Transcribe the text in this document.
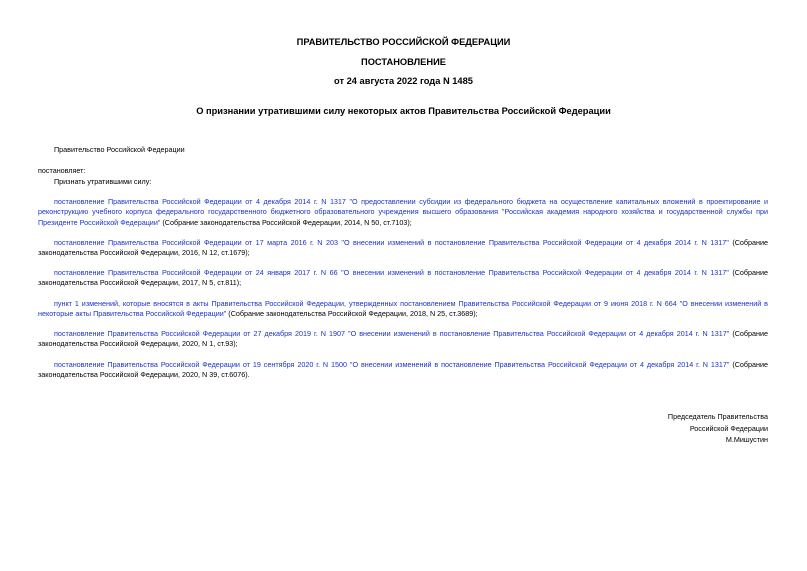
ПРАВИТЕЛЬСТВО РОССИЙСКОЙ ФЕДЕРАЦИИ
ПОСТАНОВЛЕНИЕ
от 24 августа 2022 года N 1485
О признании утратившими силу некоторых актов Правительства Российской Федерации
Правительство Российской Федерации
постановляет:
Признать утратившими силу:
постановление Правительства Российской Федерации от 4 декабря 2014 г. N 1317 "О предоставлении субсидии из федерального бюджета на осуществление капитальных вложений в проектирование и реконструкцию учебного корпуса федерального государственного бюджетного образовательного учреждения высшего образования "Российская академия народного хозяйства и государственной службы при Президенте Российской Федерации" (Собрание законодательства Российской Федерации, 2014, N 50, ст.7103);
постановление Правительства Российской Федерации от 17 марта 2016 г. N 203 "О внесении изменений в постановление Правительства Российской Федерации от 4 декабря 2014 г. N 1317" (Собрание законодательства Российской Федерации, 2016, N 12, ст.1679);
постановление Правительства Российской Федерации от 24 января 2017 г. N 66 "О внесении изменений в постановление Правительства Российской Федерации от 4 декабря 2014 г. N 1317" (Собрание законодательства Российской Федерации, 2017, N 5, ст.811);
пункт 1 изменений, которые вносятся в акты Правительства Российской Федерации, утвержденных постановлением Правительства Российской Федерации от 9 июня 2018 г. N 664 "О внесении изменений в некоторые акты Правительства Российской Федерации" (Собрание законодательства Российской Федерации, 2018, N 25, ст.3689);
постановление Правительства Российской Федерации от 27 декабря 2019 г. N 1907 "О внесении изменений в постановление Правительства Российской Федерации от 4 декабря 2014 г. N 1317" (Собрание законодательства Российской Федерации, 2020, N 1, ст.93);
постановление Правительства Российской Федерации от 19 сентября 2020 г. N 1500 "О внесении изменений в постановление Правительства Российской Федерации от 4 декабря 2014 г. N 1317" (Собрание законодательства Российской Федерации, 2020, N 39, ст.6076).
Председатель Правительства
Российской Федерации
М.Мишустин
